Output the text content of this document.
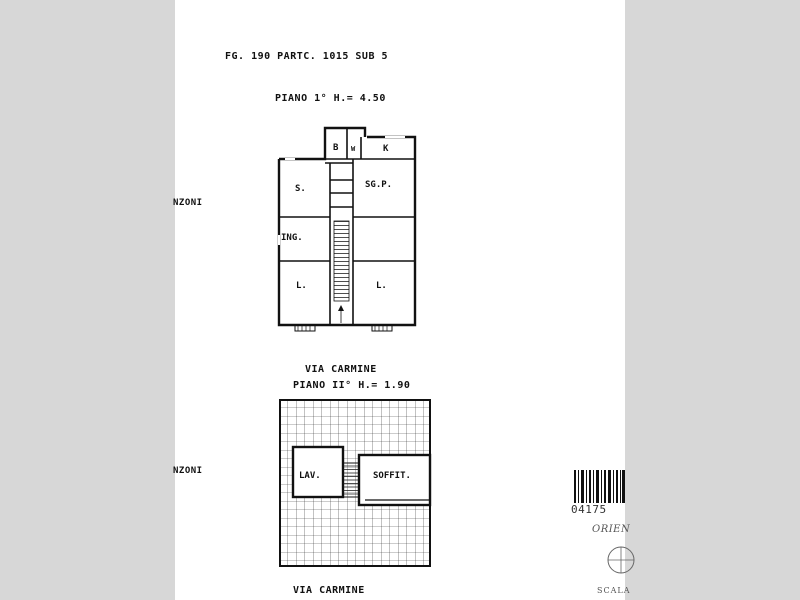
FG. 190 PARTC. 1015 SUB 5
PIANO 1° H.= 4.50
NZONI
B W	K
S.	SG.P.
ING.
L.	L.
VIA CARMINE
PIANO II° H.= 1.90
NZONI	LAV.	SOFFIT.
VIA CARMINE
04175
ORIEN
SCALA
